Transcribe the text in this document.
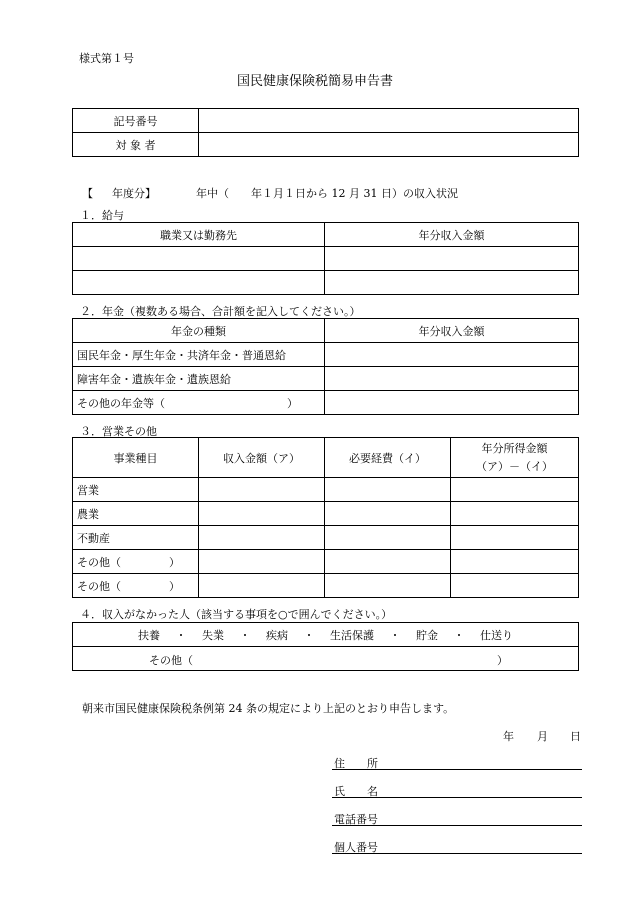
様式第１号
国民健康保険税簡易申告書
記号番号	
対 象 者	
【 年度分】	年中（　　年１月１日から 12 月 31 日）の収入状況
１．給与
職業又は勤務先	年分収入金額

２．年金（複数ある場合、合計額を記入してください。）
年金の種類	年分収入金額
国民年金・厚生年金・共済年金・普通恩給	
障害年金・遺族年金・遺族恩給	
その他の年金等（ ）	

３．営業その他
事業種目	収入金額（ア）	必要経費（イ）	年分所得金額
（ア）－（イ）

営業			
農業			
不動産			
その他（ ）			

その他（ ）			

４．収入がなかった人（該当する事項を○で囲んでください。）
扶養 ・ 失業 ・ 疾病 ・ 生活保護 ・ 貯金 ・ 仕送り

その他（	）
朝来市国民健康保険税条例第 24 条の規定により上記のとおり申告します。
年 月 日
住　　所
氏　　名
電話番号
個人番号
